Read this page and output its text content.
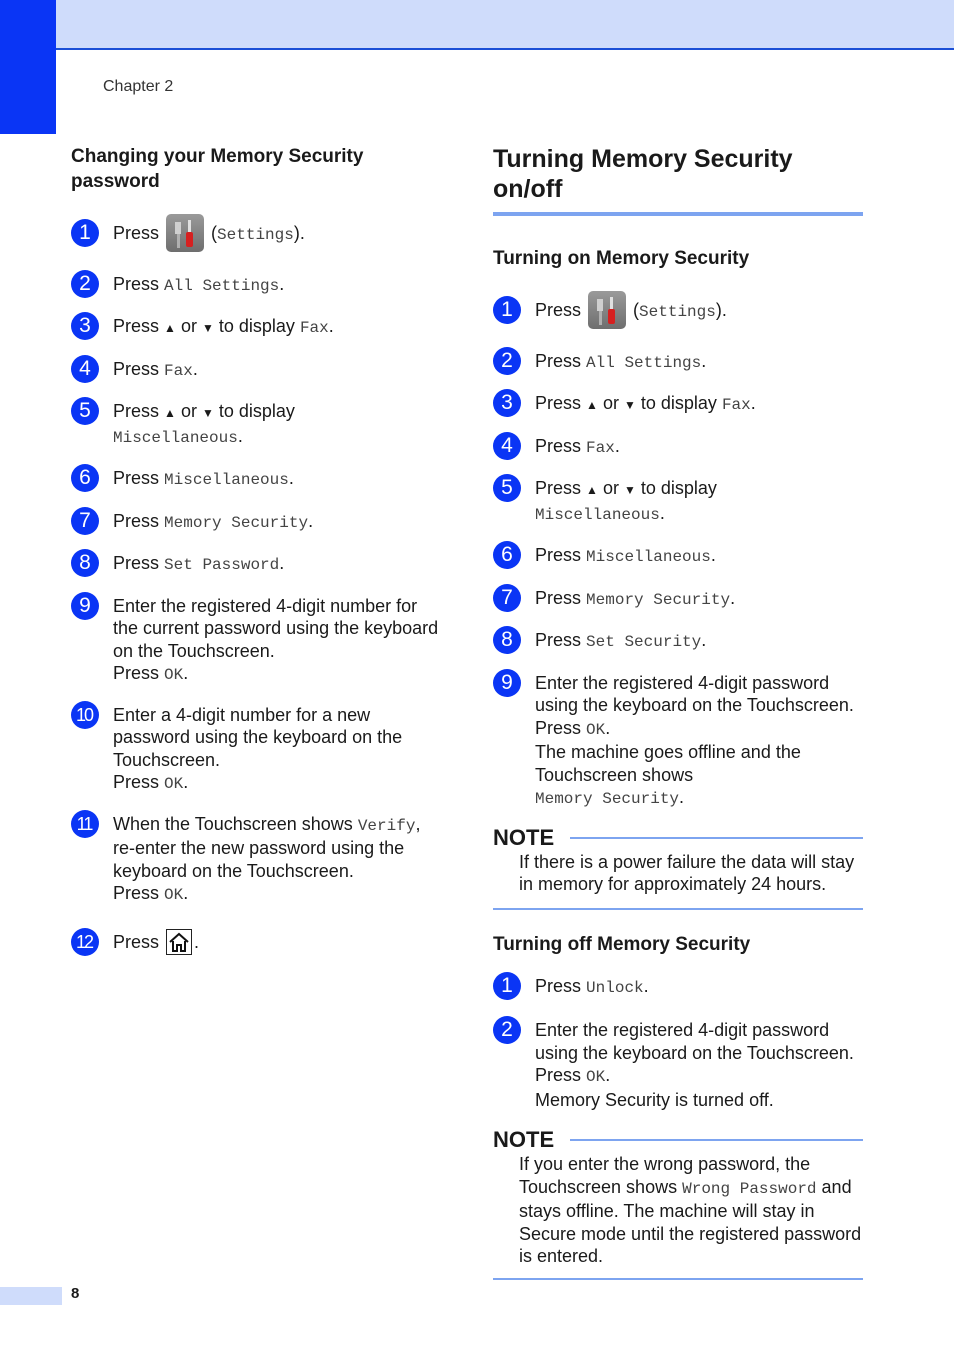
Chapter 2
Changing your Memory Security password
1	Press	(Settings).
2	Press All Settings.
3	Press ▲ or ▼ to display Fax.
4	Press Fax.
5	Press ▲ or ▼ to display
Miscellaneous.
6	Press Miscellaneous.
7	Press Memory Security.
8	Press Set Password.
9	Enter the registered 4-digit number for the current password using the keyboard on the Touchscreen.
Press OK.
10	Enter a 4-digit number for a new password using the keyboard on the Touchscreen.
Press OK.
11	When the Touchscreen shows Verify, re-enter the new password using the keyboard on the Touchscreen.
Press OK.
12	Press .
Turning Memory Security on/off
Turning on Memory Security
1	Press	(Settings).
2	Press All Settings.
3	Press ▲ or ▼ to display Fax.
4	Press Fax.
5	Press ▲ or ▼ to display
Miscellaneous.
6	Press Miscellaneous.
7	Press Memory Security.
8	Press Set Security.
9	Enter the registered 4-digit password using the keyboard on the Touchscreen.
Press OK.
The machine goes offline and the Touchscreen shows
Memory Security.
NOTE
If there is a power failure the data will stay in memory for approximately 24 hours.
Turning off Memory Security
1	Press Unlock.
2	Enter the registered 4-digit password using the keyboard on the Touchscreen.
Press OK.
Memory Security is turned off.
NOTE
If you enter the wrong password, the Touchscreen shows Wrong Password and stays offline. The machine will stay in Secure mode until the registered password is entered.
8
